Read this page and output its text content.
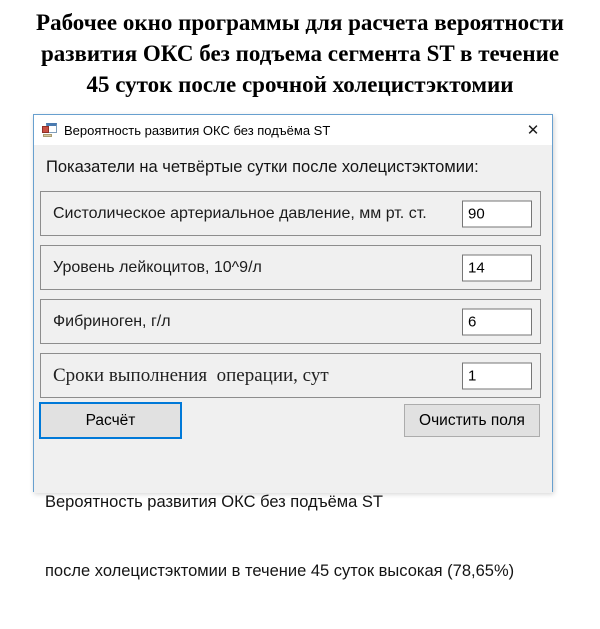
Рабочее окно программы для расчета вероятности
развития ОКС без подъема сегмента ST в течение
45 суток после срочной холецистэктомии
Вероятность развития ОКС без подъёма ST	✕
Показатели на четвёртые сутки после холецистэктомии:
Систолическое артериальное давление, мм рт. ст.
90
Уровень лейкоцитов, 10^9/л
14
Фибриноген, г/л
6
Сроки выполнения  операции, сут
1
Расчёт	Очистить поля

Вероятность развития ОКС без подъёма ST

после холецистэктомии в течение 45 суток высокая (78,65%)
